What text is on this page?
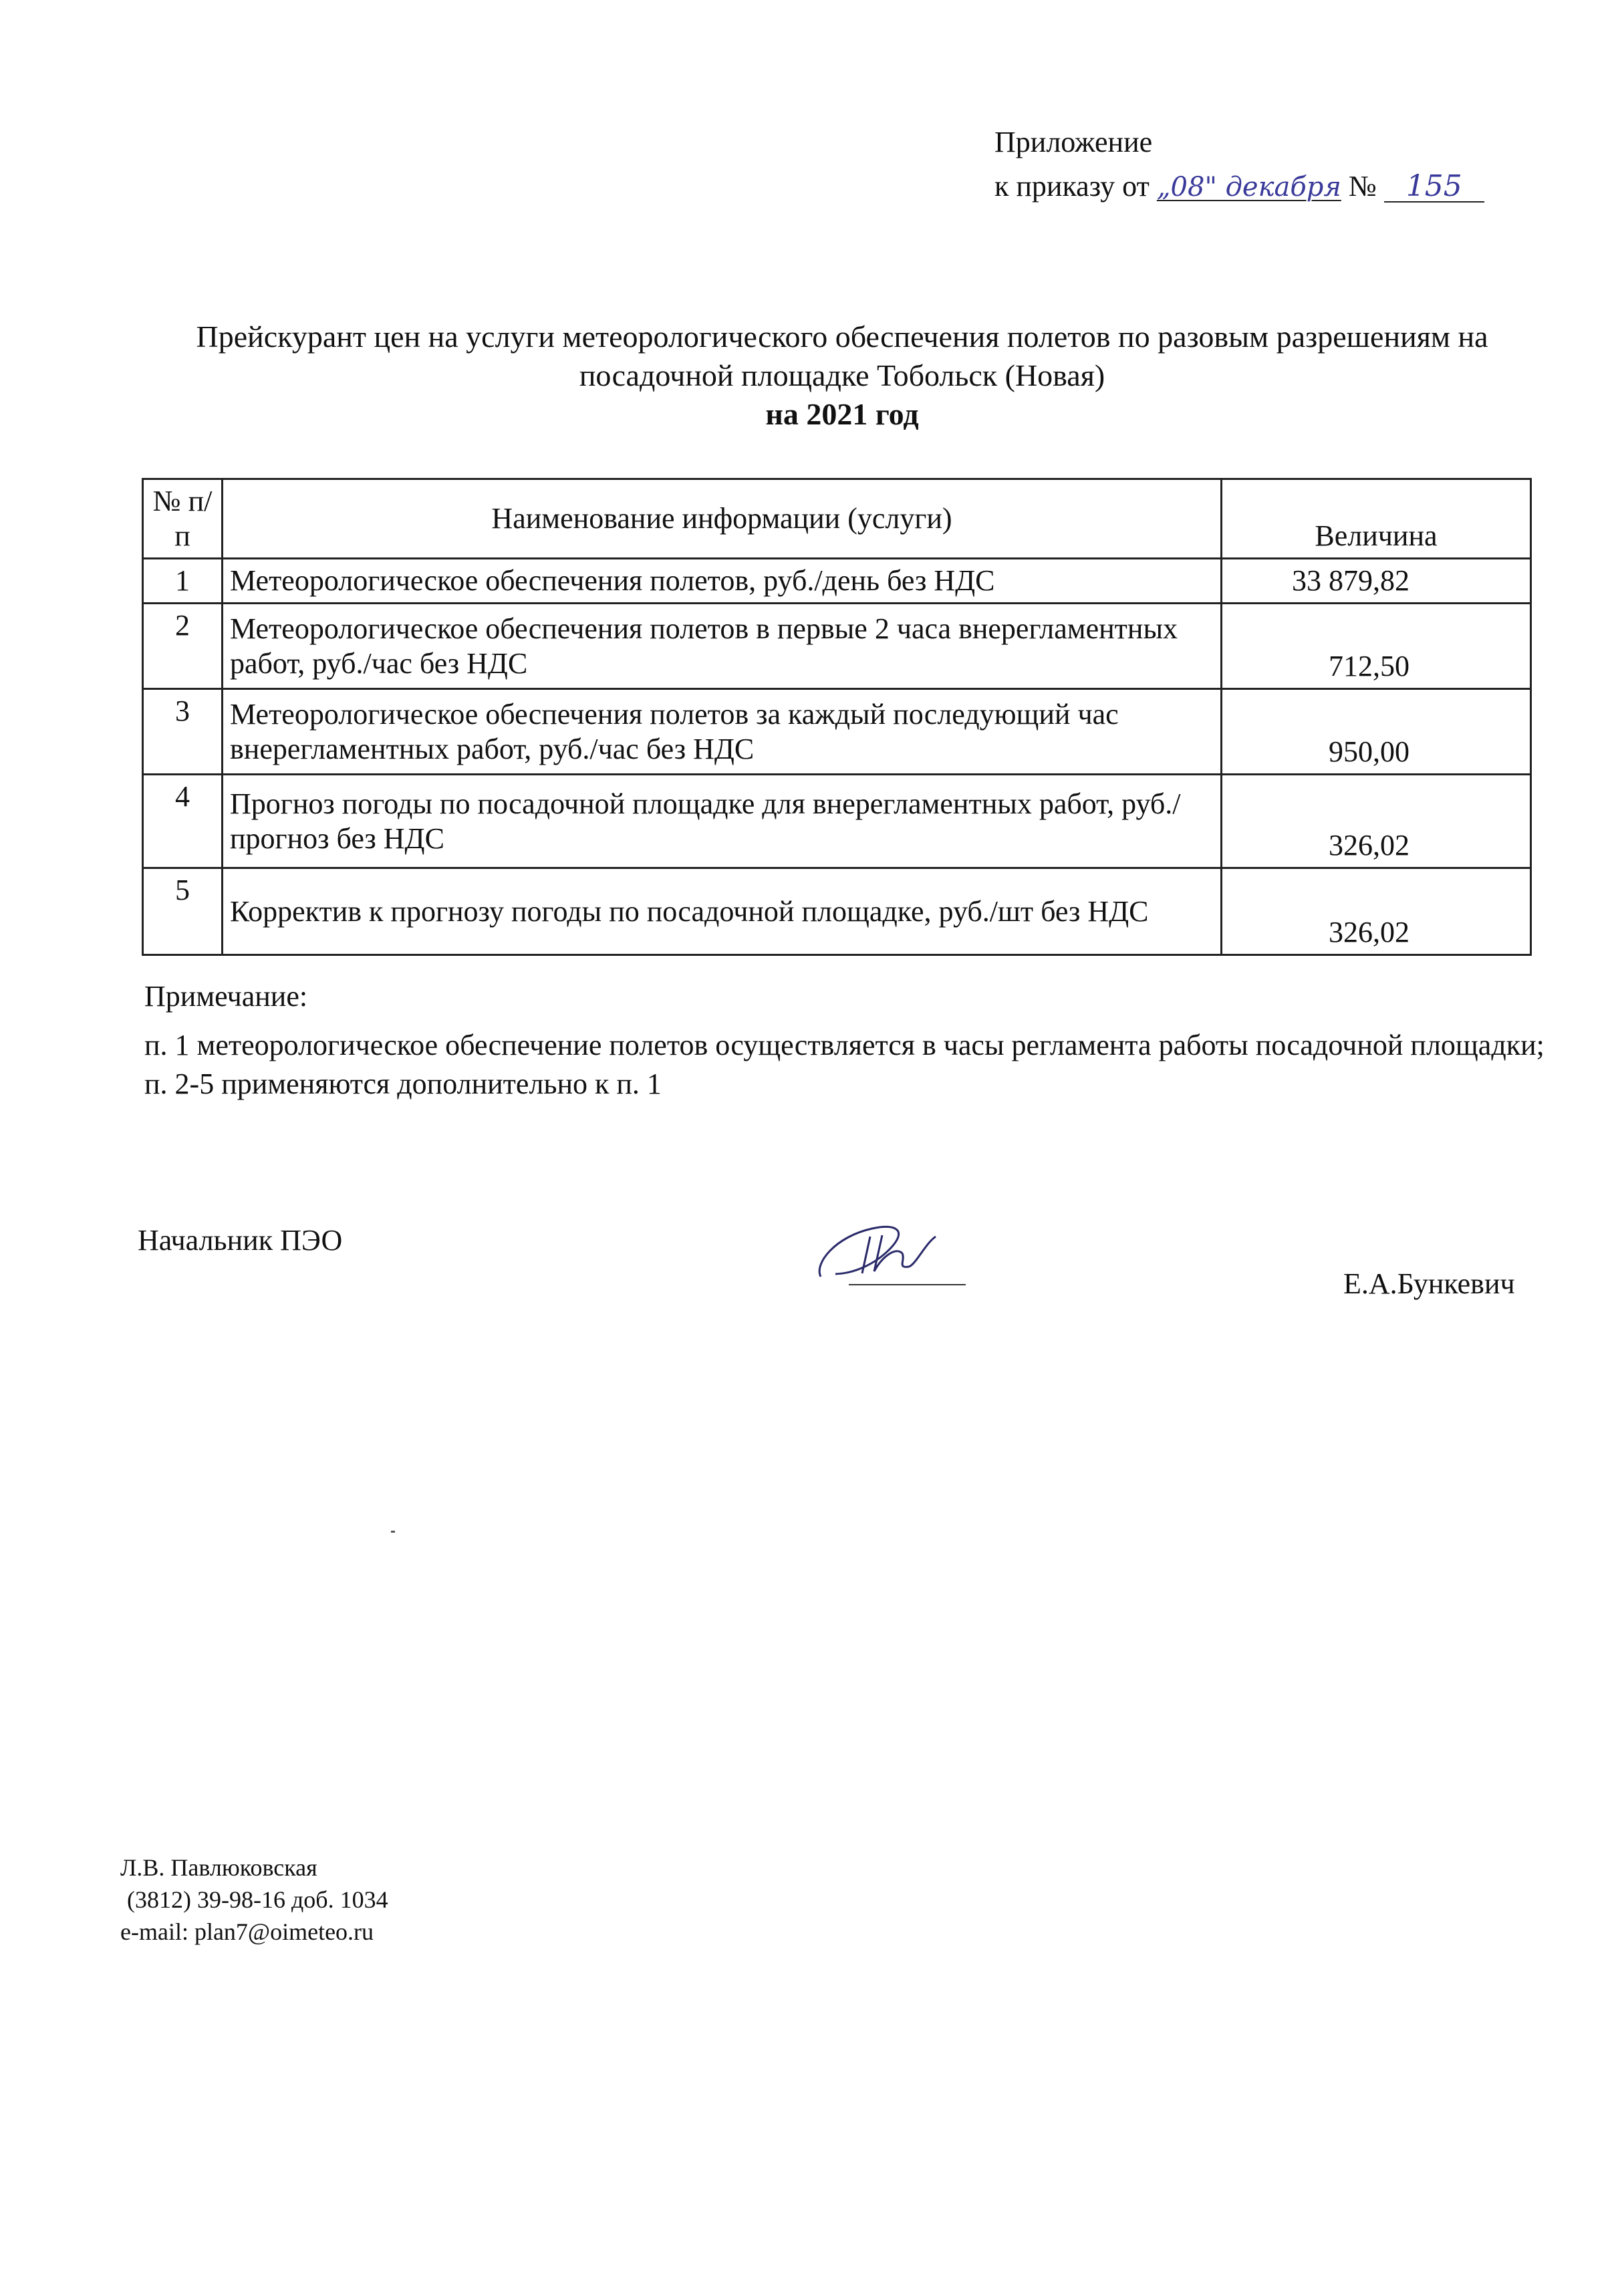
Приложение
к приказу от „08" декабря № 155
Прейскурант цен на услуги метеорологического обеспечения полетов по разовым разрешениям на
посадочной площадке Тобольск (Новая)
на 2021 год
№ п/п	Наименование информации (услуги)	Величина
1	Метеорологическое обеспечения полетов, руб./день без НДС	33 879,82
2	Метеорологическое обеспечения полетов в первые 2 часа внерегламентных работ, руб./час без НДС	712,50
3	Метеорологическое обеспечения полетов за каждый последующий час внерегламентных работ, руб./час без НДС	950,00
4	Прогноз погоды по посадочной площадке для внерегламентных работ, руб./прогноз без НДС	326,02
5	Корректив к прогнозу погоды по посадочной площадке, руб./шт без НДС	326,02
Примечание:
п. 1 метеорологическое обеспечение полетов осуществляется в часы регламента работы посадочной площадки;
п. 2-5 применяются дополнительно к п. 1
Начальник ПЭО
Е.А.Бункевич
Л.В. Павлюковская
(3812) 39-98-16 доб. 1034
e-mail: plan7@oimeteo.ru
